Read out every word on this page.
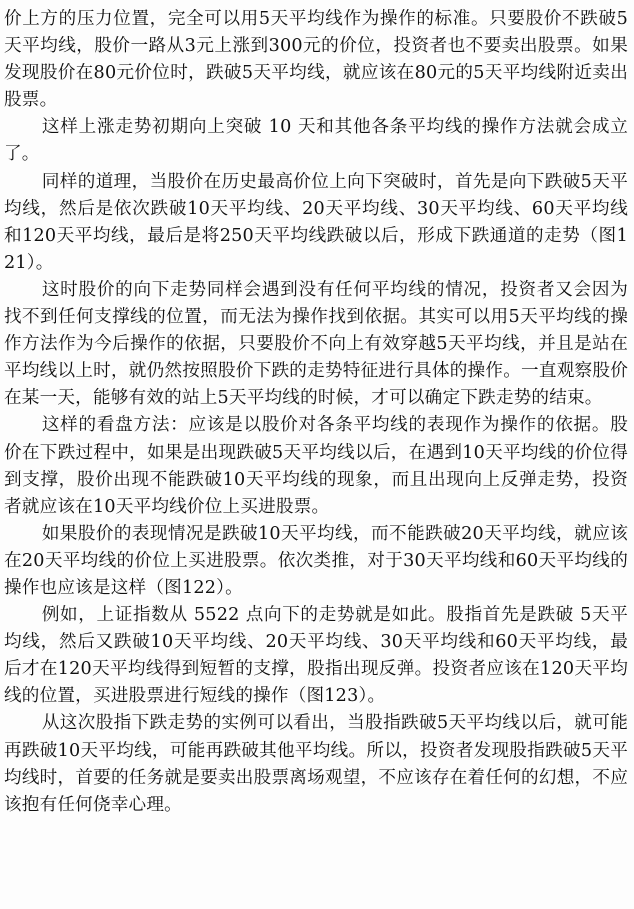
价上方的压力位置，完全可以用5天平均线作为操作的标准。只要股价不跌破5天平均线，股价一路从3元上涨到300元的价位，投资者也不要卖出股票。如果发现股价在80元价位时，跌破5天平均线，就应该在80元的5天平均线附近卖出股票。

这样上涨走势初期向上突破 10 天和其他各条平均线的操作方法就会成立了。

同样的道理，当股价在历史最高价位上向下突破时，首先是向下跌破5天平均线，然后是依次跌破10天平均线、20天平均线、30天平均线、60天平均线和120天平均线，最后是将250天平均线跌破以后，形成下跌通道的走势（图121）。

这时股价的向下走势同样会遇到没有任何平均线的情况，投资者又会因为找不到任何支撑线的位置，而无法为操作找到依据。其实可以用5天平均线的操作方法作为今后操作的依据，只要股价不向上有效穿越5天平均线，并且是站在平均线以上时，就仍然按照股价下跌的走势特征进行具体的操作。一直观察股价在某一天，能够有效的站上5天平均线的时候，才可以确定下跌走势的结束。

这样的看盘方法：应该是以股价对各条平均线的表现作为操作的依据。股价在下跌过程中，如果是出现跌破5天平均线以后，在遇到10天平均线的价位得到支撑，股价出现不能跌破10天平均线的现象，而且出现向上反弹走势，投资者就应该在10天平均线价位上买进股票。

如果股价的表现情况是跌破10天平均线，而不能跌破20天平均线，就应该在20天平均线的价位上买进股票。依次类推，对于30天平均线和60天平均线的操作也应该是这样（图122）。

例如，上证指数从 5522 点向下的走势就是如此。股指首先是跌破 5天平均线，然后又跌破10天平均线、20天平均线、30天平均线和60天平均线，最后才在120天平均线得到短暂的支撑，股指出现反弹。投资者应该在120天平均线的位置，买进股票进行短线的操作（图123）。

从这次股指下跌走势的实例可以看出，当股指跌破5天平均线以后，就可能再跌破10天平均线，可能再跌破其他平均线。所以，投资者发现股指跌破5天平均线时，首要的任务就是要卖出股票离场观望，不应该存在着任何的幻想，不应该抱有任何侥幸心理。
